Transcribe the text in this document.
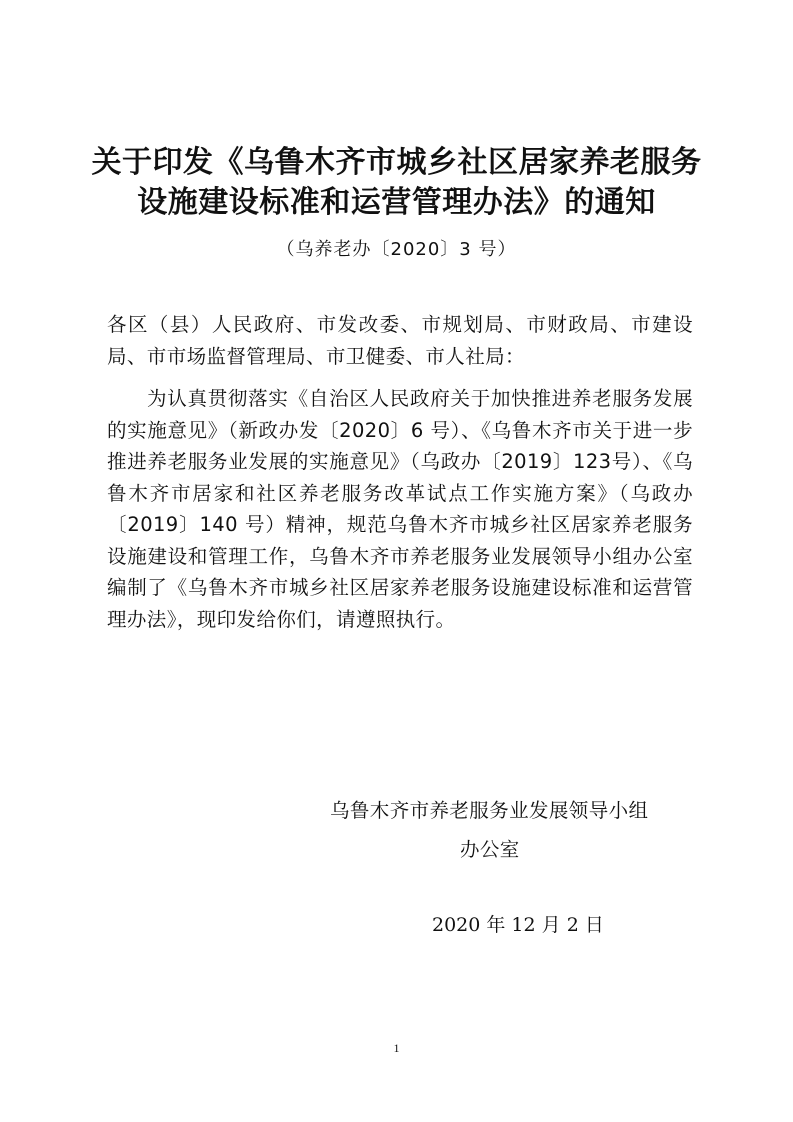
关于印发《乌鲁木齐市城乡社区居家养老服务
设施建设标准和运营管理办法》的通知
（乌养老办〔2020〕3 号）
各区（县）人民政府、市发改委、市规划局、市财政局、市建设局、市市场监督管理局、市卫健委、市人社局：
为认真贯彻落实《自治区人民政府关于加快推进养老服务发展的实施意见》（新政办发〔2020〕6 号）、《乌鲁木齐市关于进一步推进养老服务业发展的实施意见》（乌政办〔2019〕123号）、《乌鲁木齐市居家和社区养老服务改革试点工作实施方案》（乌政办〔2019〕140 号）精神，规范乌鲁木齐市城乡社区居家养老服务设施建设和管理工作，乌鲁木齐市养老服务业发展领导小组办公室编制了《乌鲁木齐市城乡社区居家养老服务设施建设标准和运营管理办法》，现印发给你们，请遵照执行。
乌鲁木齐市养老服务业发展领导小组
办公室
2020 年 12 月 2 日
1
